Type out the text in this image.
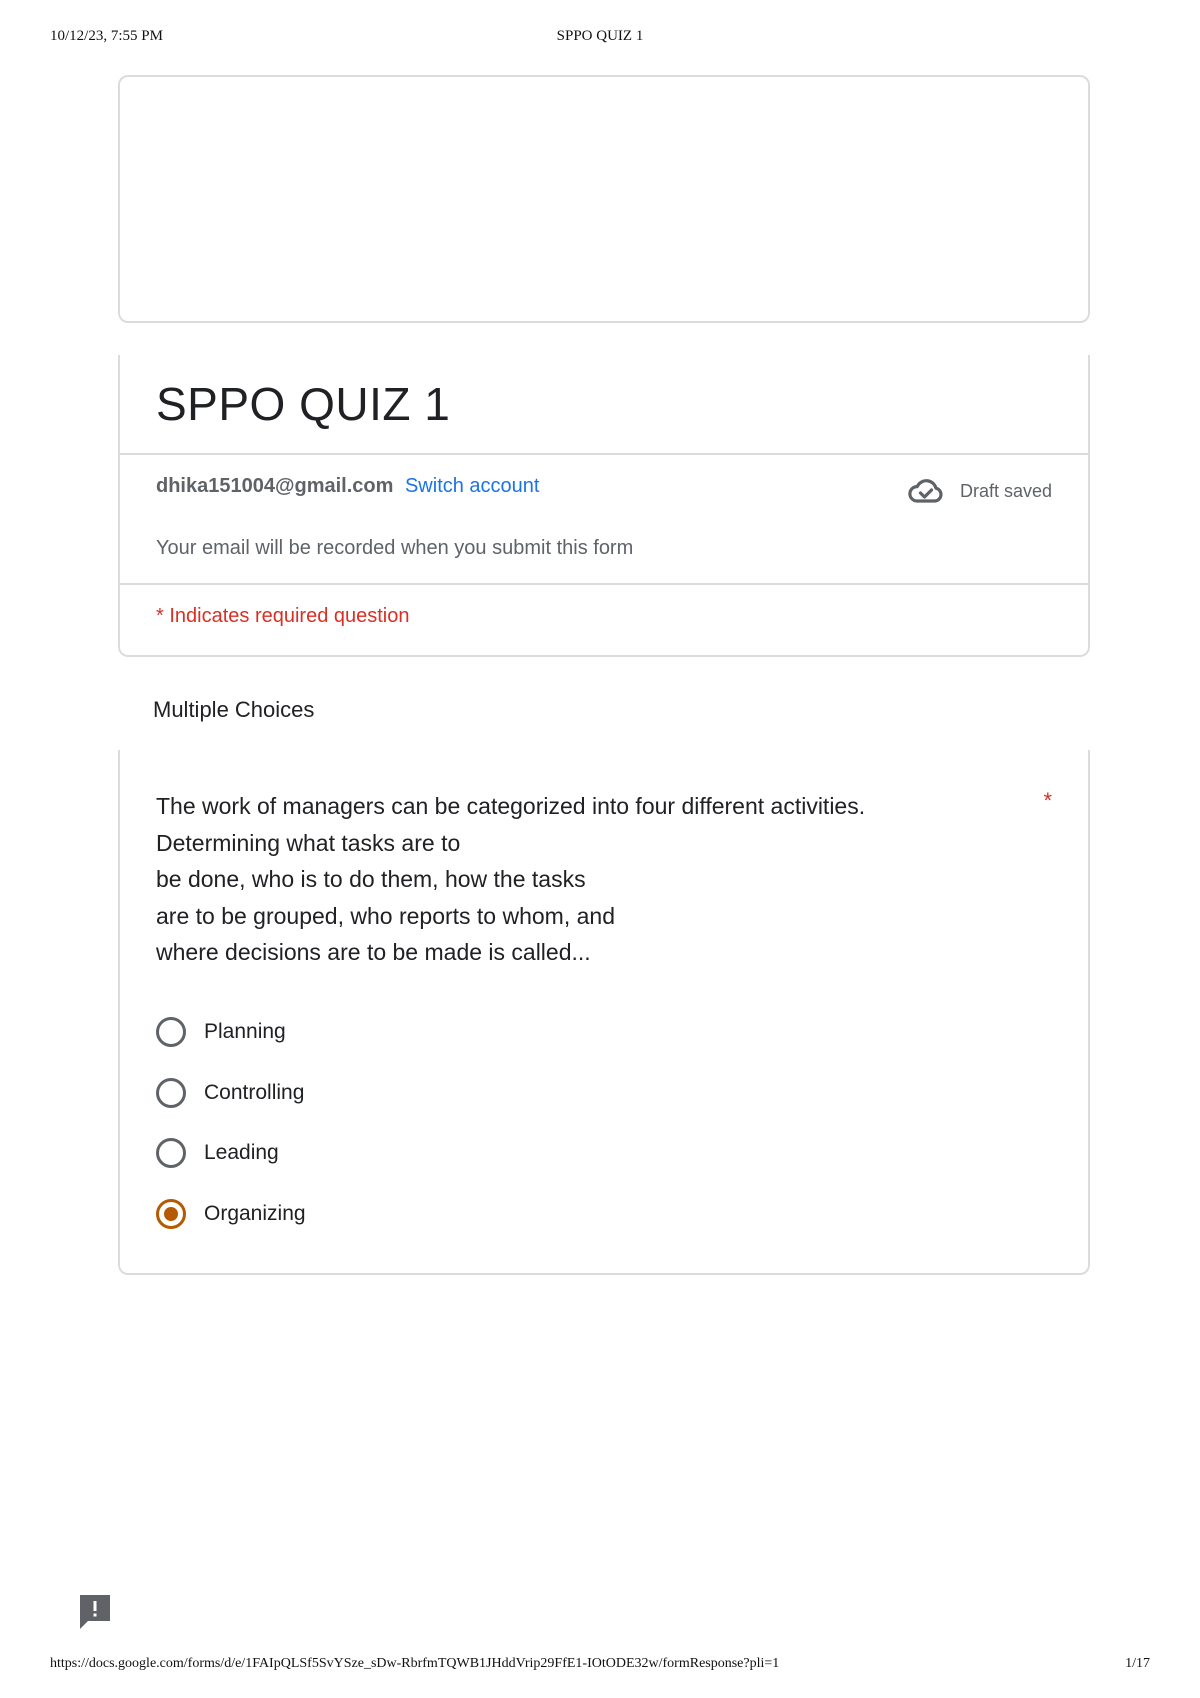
10/12/23, 7:55 PM	SPPO QUIZ 1
SPPO QUIZ 1
dhika151004@gmail.com Switch account	Draft saved
Your email will be recorded when you submit this form
* Indicates required question
Multiple Choices
The work of managers can be categorized into four different activities.
Determining what tasks are to
be done, who is to do them, how the tasks
are to be grouped, who reports to whom, and
where decisions are to be made is called...
*
Planning
Controlling
Leading
Organizing
https://docs.google.com/forms/d/e/1FAIpQLSf5SvYSze_sDw-RbrfmTQWB1JHddVrip29FfE1-IOtODE32w/formResponse?pli=1	1/17
